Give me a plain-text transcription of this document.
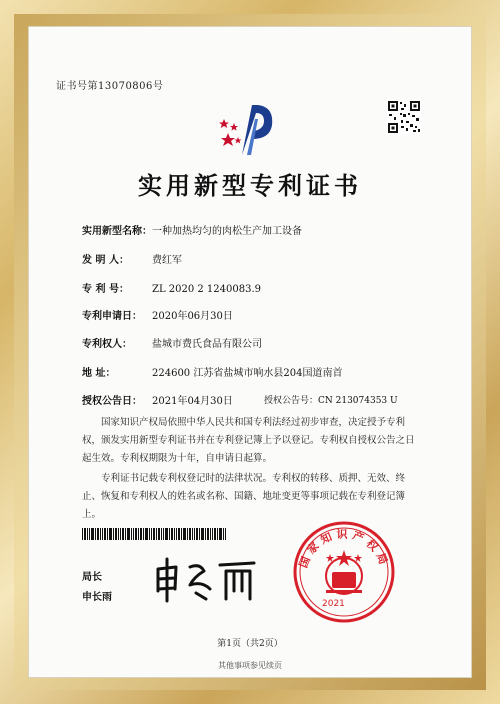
证书号第13070806号
实用新型专利证书
实用新型名称：一种加热均匀的肉松生产加工设备
发 明 人： 费红军
专 利 号： ZL 2020 2 1240083.9
专利申请日： 2020年06月30日
专利权人： 盐城市费氏食品有限公司
地 址：	224600 江苏省盐城市响水县204国道南首
授权公告日： 2021年04月30日	授权公告号：CN 213074353 U
国家知识产权局依照中华人民共和国专利法经过初步审查，决定授予专利权，颁发实用新型专利证书并在专利登记簿上予以登记。专利权自授权公告之日起生效。专利权期限为十年，自申请日起算。
专利证书记载专利权登记时的法律状况。专利权的转移、质押、无效、终止、恢复和专利权人的姓名或名称、国籍、地址变更等事项记载在专利登记簿上。
局长
申长雨
国家知识产权局
2021
第1页（共2页）
其他事项参见续页
